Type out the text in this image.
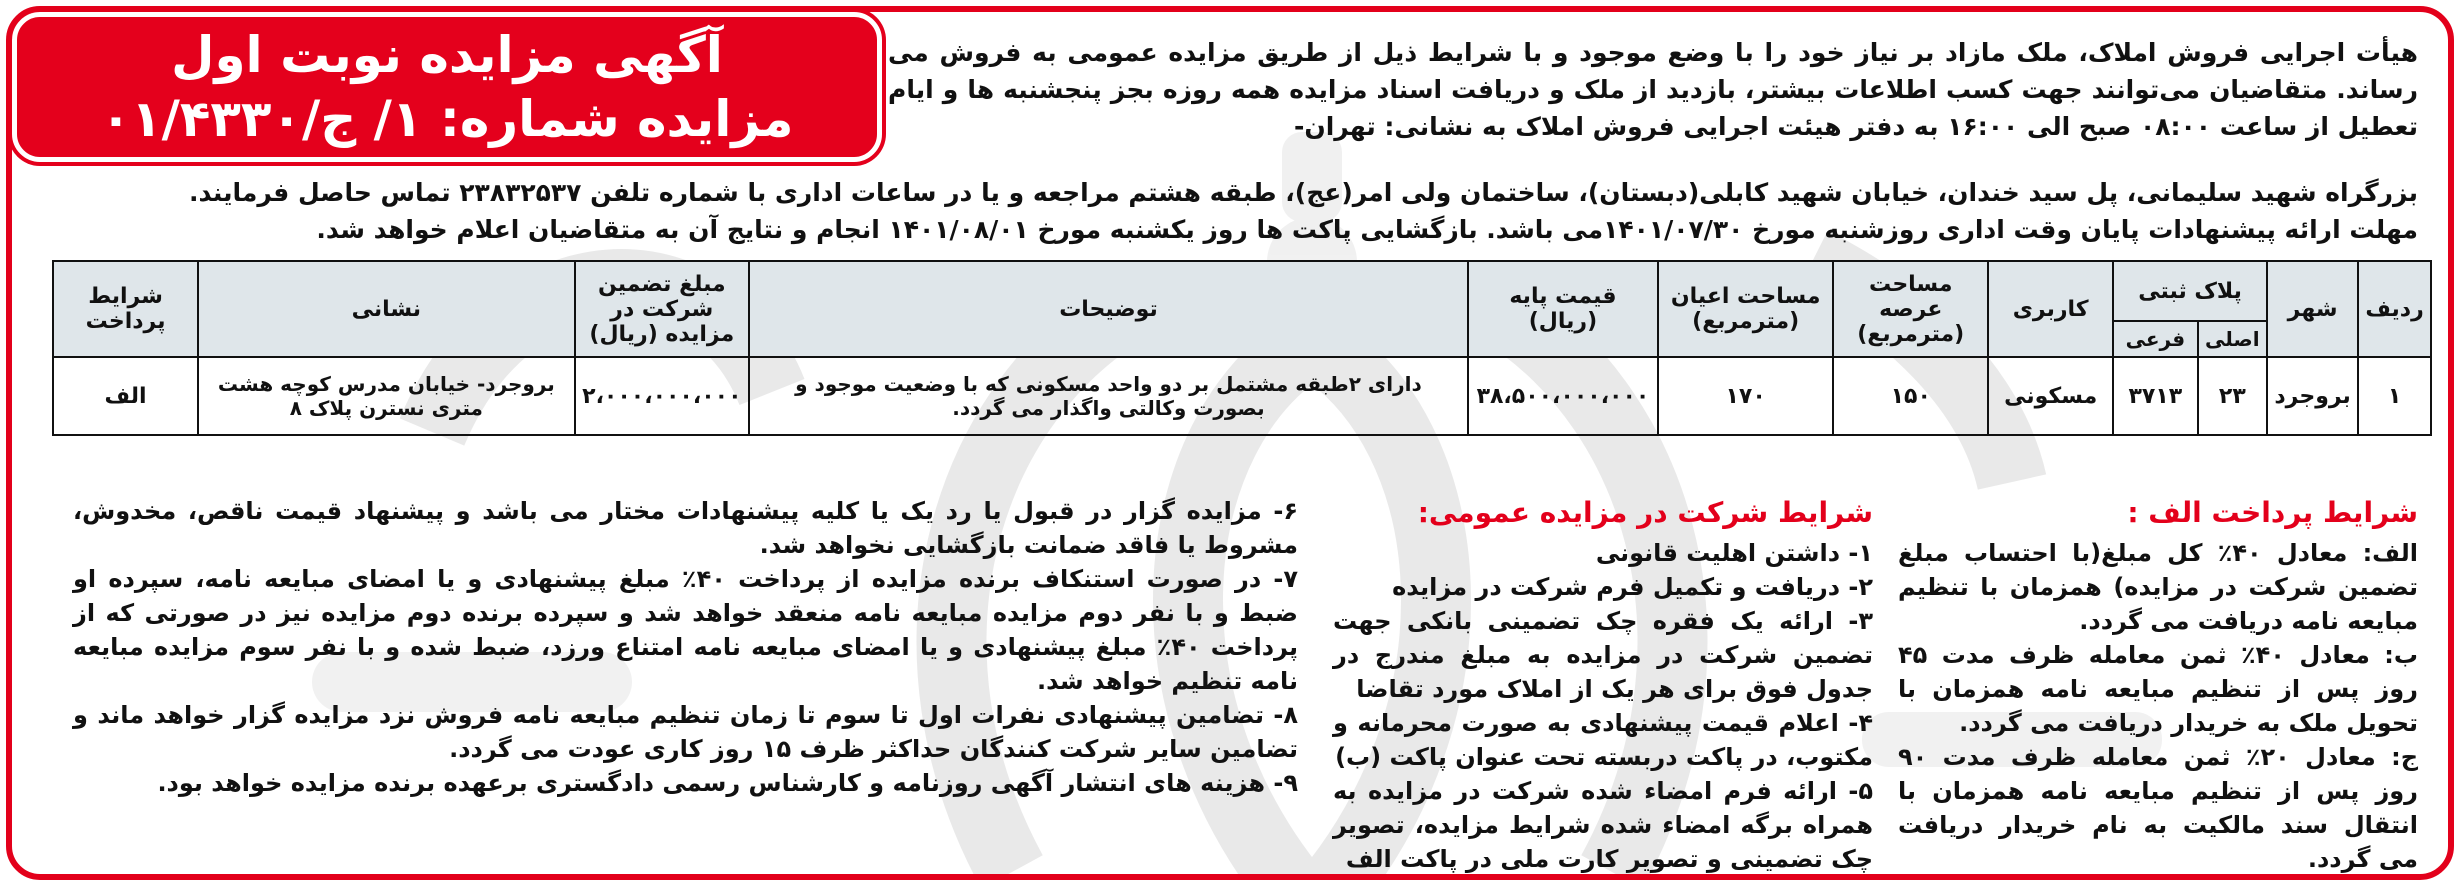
آگهی مزایده نوبت اول
مزایده شماره: ۱/ ج/۰۱/۴۳۳۰
هیأت اجرایی فروش املاک، ملک مازاد بر نیاز خود را با وضع موجود و با شرایط ذیل از طریق مزایده عمومی به فروش می رساند. متقاضیان می‌توانند جهت کسب اطلاعات بیشتر، بازدید از ملک و دریافت اسناد مزایده همه روزه بجز پنجشنبه ها و ایام تعطیل از ساعت ۰۸:۰۰ صبح الی ۱۶:۰۰ به دفتر هیئت اجرایی فروش املاک به نشانی: تهران-
بزرگراه شهید سلیمانی، پل سید خندان، خیابان شهید کابلی(دبستان)، ساختمان ولی امر(عج)، طبقه هشتم مراجعه و یا در ساعات اداری با شماره تلفن ۲۳۸۳۲۵۳۷ تماس حاصل فرمایند.
مهلت ارائه پیشنهادات پایان وقت اداری روزشنبه مورخ ۱۴۰۱/۰۷/۳۰می باشد. بازگشایی پاکت ها روز یکشنبه مورخ ۱۴۰۱/۰۸/۰۱ انجام و نتایج آن به متقاضیان اعلام خواهد شد.
ردیف	شهر	پلاک ثبتی		کاربری	مساحت عرصه (مترمربع)	مساحت اعیان (مترمربع)	قیمت پایه (ریال)	توضیحات	مبلغ تضمین شرکت در مزایده (ریال)	نشانی	شرایط پرداخت
		اصلی	فرعی								
۱	بروجرد	۲۳	۳۷۱۳	مسکونی	۱۵۰	۱۷۰	۳۸،۵۰۰،۰۰۰،۰۰۰	دارای ۲طبقه مشتمل بر دو واحد مسکونی که با وضعیت موجود و بصورت وکالتی واگذار می گردد.	۲،۰۰۰،۰۰۰،۰۰۰	بروجرد- خیابان مدرس کوچه هشت متری نسترن پلاک ۸	الف
شرایط پرداخت الف :

الف: معادل ۴۰٪ کل مبلغ(با احتساب مبلغ تضمین شرکت در مزایده) همزمان با تنظیم مبایعه نامه دریافت می گردد.

ب: معادل ۴۰٪ ثمن معامله ظرف مدت ۴۵ روز پس از تنظیم مبایعه نامه همزمان با تحویل ملک به خریدار دریافت می گردد.

ج: معادل ۲۰٪ ثمن معامله ظرف مدت ۹۰ روز پس از تنظیم مبایعه نامه همزمان با انتقال سند مالکیت به نام خریدار دریافت می گردد.

شرایط شرکت در مزایده عمومی:

۱- داشتن اهلیت قانونی

۲- دریافت و تکمیل فرم شرکت در مزایده

۳- ارائه یک فقره چک تضمینی بانکی جهت تضمین شرکت در مزایده به مبلغ مندرج در جدول فوق برای هر یک از املاک مورد تقاضا

۴- اعلام قیمت پیشنهادی به صورت محرمانه و مکتوب، در پاکت دربسته تحت عنوان پاکت (ب)

۵- ارائه فرم امضاء شده شرکت در مزایده به همراه برگه امضاء شده شرایط مزایده، تصویر چک تضمینی و تصویر کارت ملی در پاکت الف

۶- مزایده گزار در قبول یا رد یک یا کلیه پیشنهادات مختار می باشد و پیشنهاد قیمت ناقص، مخدوش، مشروط یا فاقد ضمانت بازگشایی نخواهد شد.

۷- در صورت استنکاف برنده مزایده از پرداخت ۴۰٪ مبلغ پیشنهادی و یا امضای مبایعه نامه، سپرده او ضبط و با نفر دوم مزایده مبایعه نامه منعقد خواهد شد و سپرده برنده دوم مزایده نیز در صورتی که از پرداخت ۴۰٪ مبلغ پیشنهادی و یا امضای مبایعه نامه امتناع ورزد، ضبط شده و با نفر سوم مزایده مبایعه نامه تنظیم خواهد شد.

۸- تضامین پیشنهادی نفرات اول تا سوم تا زمان تنظیم مبایعه نامه فروش نزد مزایده گزار خواهد ماند و تضامین سایر شرکت کنندگان حداکثر ظرف ۱۵ روز کاری عودت می گردد.

۹- هزینه های انتشار آگهی روزنامه و کارشناس رسمی دادگستری برعهده برنده مزایده خواهد بود.
